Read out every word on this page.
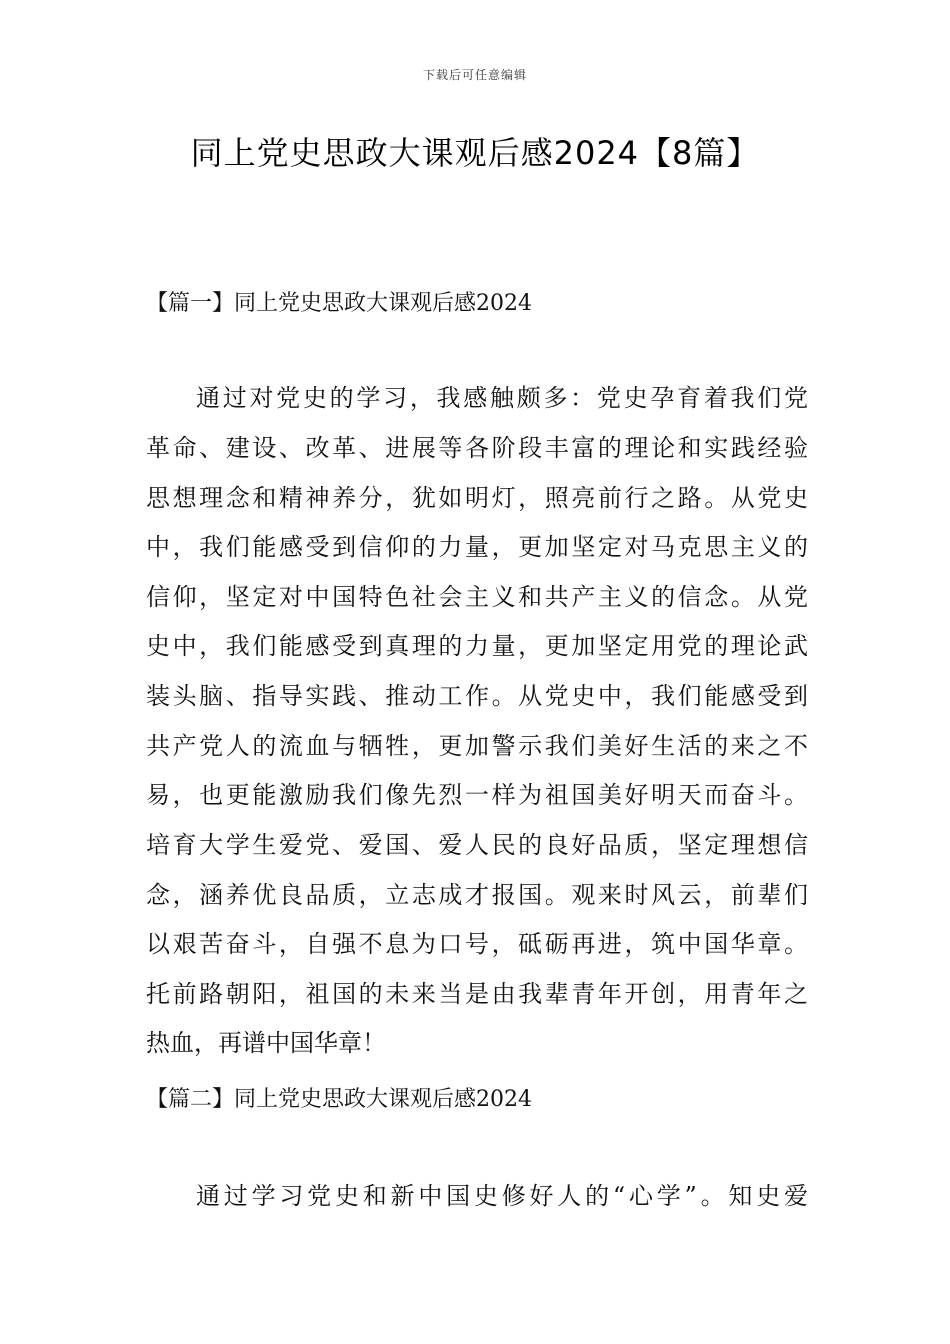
下载后可任意编辑
同上党史思政大课观后感2024【8篇】
【篇一】同上党史思政大课观后感2024
通过对党史的学习，我感触颇多：党史孕育着我们党
革命、建设、改革、进展等各阶段丰富的理论和实践经验
思想理念和精神养分，犹如明灯，照亮前行之路。从党史
中，我们能感受到信仰的力量，更加坚定对马克思主义的
信仰，坚定对中国特色社会主义和共产主义的信念。从党
史中，我们能感受到真理的力量，更加坚定用党的理论武
装头脑、指导实践、推动工作。从党史中，我们能感受到
共产党人的流血与牺牲，更加警示我们美好生活的来之不
易，也更能激励我们像先烈一样为祖国美好明天而奋斗。
培育大学生爱党、爱国、爱人民的良好品质，坚定理想信
念，涵养优良品质，立志成才报国。观来时风云，前辈们
以艰苦奋斗，自强不息为口号，砥砺再进，筑中国华章。
托前路朝阳，祖国的未来当是由我辈青年开创，用青年之
热血，再谱中国华章！
【篇二】同上党史思政大课观后感2024
通过学习党史和新中国史修好人的“心学”。知史爱
